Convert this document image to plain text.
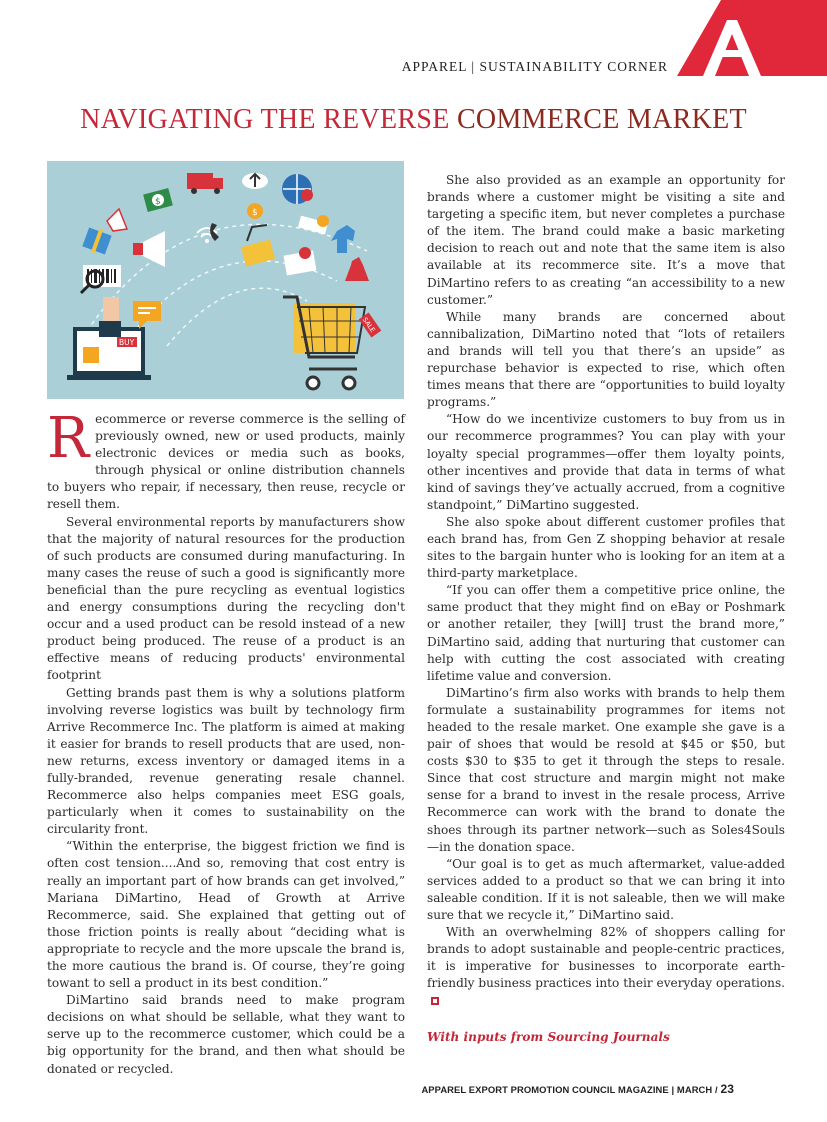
APPAREL | SUSTAINABILITY CORNER
NAVIGATING THE REVERSE COMMERCE MARKET
$
$
BUY
SALE

Recommerce or reverse commerce is the selling of previously owned, new or used products, mainly electronic devices or media such as books, through physical or online distribution channels to buyers who repair, if necessary, then reuse, recycle or resell them.

Several environmental reports by manufacturers show that the majority of natural resources for the production of such products are consumed during manufacturing. In many cases the reuse of such a good is significantly more beneficial than the pure recycling as eventual logistics and energy consumptions during the recycling don't occur and a used product can be resold instead of a new product being produced. The reuse of a product is an effective means of reducing products' environmental footprint

Getting brands past them is why a solutions platform involving reverse logistics was built by technology firm Arrive Recommerce Inc. The platform is aimed at making it easier for brands to resell products that are used, non-new returns, excess inventory or damaged items in a fully-branded, revenue generating resale channel. Recommerce also helps companies meet ESG goals, particularly when it comes to sustainability on the circularity front.

“Within the enterprise, the biggest friction we find is often cost tension....And so, removing that cost entry is really an important part of how brands can get involved,” Mariana DiMartino, Head of Growth at Arrive Recommerce, said. She explained that getting out of those friction points is really about “deciding what is appropriate to recycle and the more upscale the brand is, the more cautious the brand is. Of course, they’re going towant to sell a product in its best condition.”

DiMartino said brands need to make program decisions on what should be sellable, what they want to serve up to the recommerce customer, which could be a big opportunity for the brand, and then what should be donated or recycled.

She also provided as an example an opportunity for brands where a customer might be visiting a site and targeting a specific item, but never completes a purchase of the item. The brand could make a basic marketing decision to reach out and note that the same item is also available at its recommerce site. It’s a move that DiMartino refers to as creating “an accessibility to a new customer.”

While many brands are concerned about cannibalization, DiMartino noted that “lots of retailers and brands will tell you that there’s an upside” as repurchase behavior is expected to rise, which often times means that there are “opportunities to build loyalty programs.”

“How do we incentivize customers to buy from us in our recommerce programmes? You can play with your loyalty special programmes—offer them loyalty points, other incentives and provide that data in terms of what kind of savings they’ve actually accrued, from a cognitive standpoint,” DiMartino suggested.

She also spoke about different customer profiles that each brand has, from Gen Z shopping behavior at resale sites to the bargain hunter who is looking for an item at a third-party marketplace.

“If you can offer them a competitive price online, the same product that they might find on eBay or Poshmark or another retailer, they [will] trust the brand more,” DiMartino said, adding that nurturing that customer can help with cutting the cost associated with creating lifetime value and conversion.

DiMartino’s firm also works with brands to help them formulate a sustainability programmes for items not headed to the resale market. One example she gave is a pair of shoes that would be resold at $45 or $50, but costs $30 to $35 to get it through the steps to resale. Since that cost structure and margin might not make sense for a brand to invest in the resale process, Arrive Recommerce can work with the brand to donate the shoes through its partner network—such as Soles4Souls—in the donation space.

“Our goal is to get as much aftermarket, value-added services added to a product so that we can bring it into saleable condition. If it is not saleable, then we will make sure that we recycle it,” DiMartino said.

With an overwhelming 82% of shoppers calling for brands to adopt sustainable and people-centric practices, it is imperative for businesses to incorporate earth-friendly business practices into their everyday operations.

With inputs from Sourcing Journals
APPAREL EXPORT PROMOTION COUNCIL MAGAZINE | MARCH / 23
